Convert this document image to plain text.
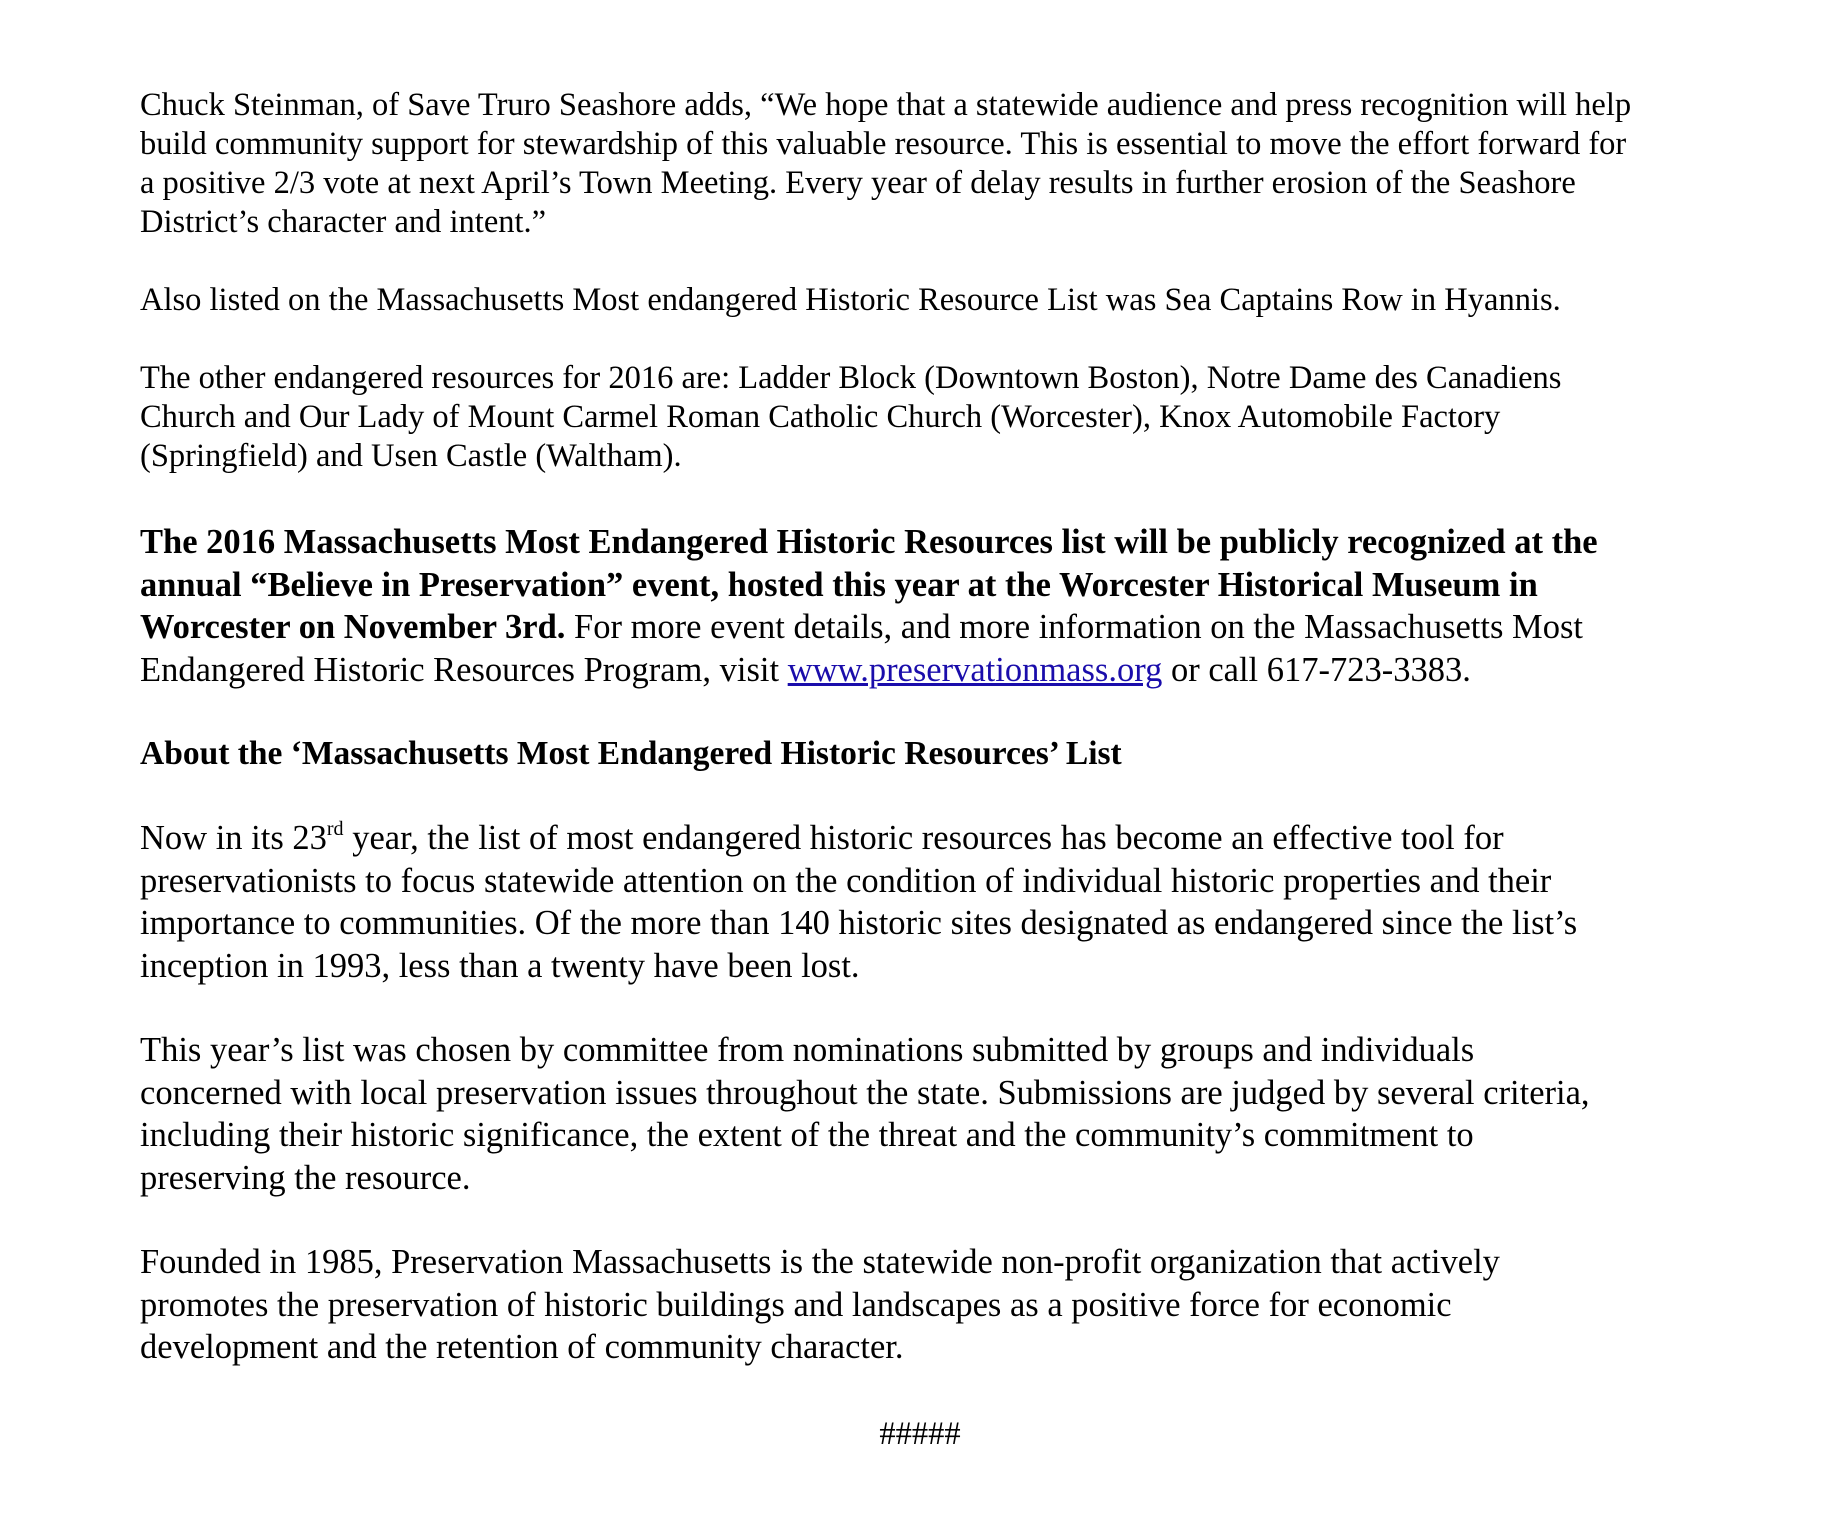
Chuck Steinman, of Save Truro Seashore adds, “We hope that a statewide audience and press recognition will help
build community support for stewardship of this valuable resource. This is essential to move the effort forward for
a positive 2/3 vote at next April’s Town Meeting. Every year of delay results in further erosion of the Seashore
District’s character and intent.”

Also listed on the Massachusetts Most endangered Historic Resource List was Sea Captains Row in Hyannis.

The other endangered resources for 2016 are: Ladder Block (Downtown Boston), Notre Dame des Canadiens
Church and Our Lady of Mount Carmel Roman Catholic Church (Worcester), Knox Automobile Factory
(Springfield) and Usen Castle (Waltham).

The 2016 Massachusetts Most Endangered Historic Resources list will be publicly recognized at the
annual “Believe in Preservation” event, hosted this year at the Worcester Historical Museum in
Worcester on November 3rd. For more event details, and more information on the Massachusetts Most
Endangered Historic Resources Program, visit www.preservationmass.org or call 617-723-3383.

About the ‘Massachusetts Most Endangered Historic Resources’ List

Now in its 23rd year, the list of most endangered historic resources has become an effective tool for
preservationists to focus statewide attention on the condition of individual historic properties and their
importance to communities. Of the more than 140 historic sites designated as endangered since the list’s
inception in 1993, less than a twenty have been lost.

This year’s list was chosen by committee from nominations submitted by groups and individuals
concerned with local preservation issues throughout the state. Submissions are judged by several criteria,
including their historic significance, the extent of the threat and the community’s commitment to
preserving the resource.

Founded in 1985, Preservation Massachusetts is the statewide non-profit organization that actively
promotes the preservation of historic buildings and landscapes as a positive force for economic
development and the retention of community character.

#####
